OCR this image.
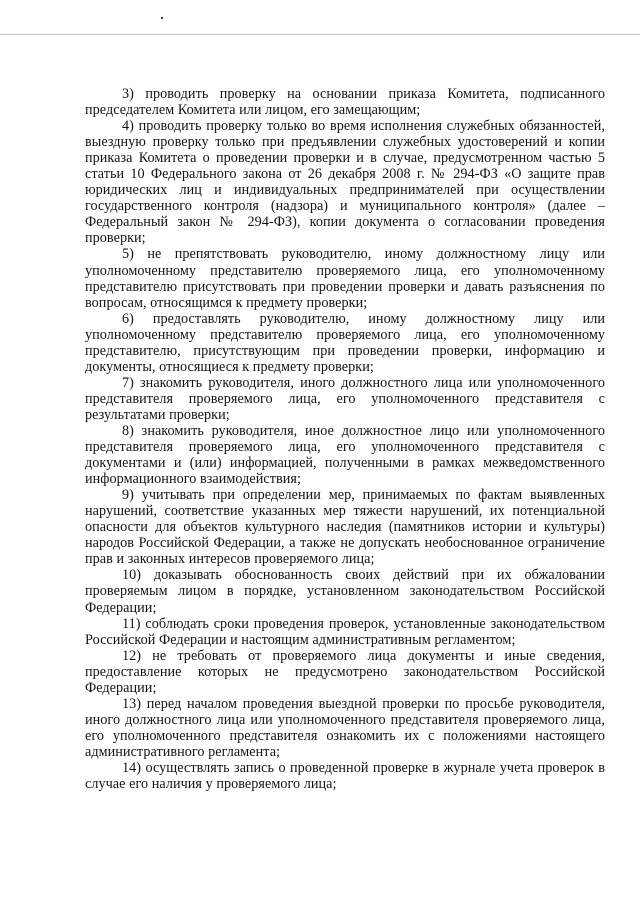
3) проводить проверку на основании приказа Комитета, подписанного председателем Комитета или лицом, его замещающим;

4) проводить проверку только во время исполнения служебных обязанностей, выездную проверку только при предъявлении служебных удостоверений и копии приказа Комитета о проведении проверки и в случае, предусмотренном частью 5 статьи 10 Федерального закона от 26 декабря 2008 г. № 294-ФЗ «О защите прав юридических лиц и индивидуальных предпринимателей при осуществлении государственного контроля (надзора) и муниципального контроля» (далее – Федеральный закон № 294-ФЗ), копии документа о согласовании проведения проверки;

5) не препятствовать руководителю, иному должностному лицу или уполномоченному представителю проверяемого лица, его уполномоченному представителю присутствовать при проведении проверки и давать разъяснения по вопросам, относящимся к предмету проверки;

6) предоставлять руководителю, иному должностному лицу или уполномоченному представителю проверяемого лица, его уполномоченному представителю, присутствующим при проведении проверки, информацию и документы, относящиеся к предмету проверки;

7) знакомить руководителя, иного должностного лица или уполномоченного представителя проверяемого лица, его уполномоченного представителя с результатами проверки;

8) знакомить руководителя, иное должностное лицо или уполномоченного представителя проверяемого лица, его уполномоченного представителя с документами и (или) информацией, полученными в рамках межведомственного информационного взаимодействия;

9) учитывать при определении мер, принимаемых по фактам выявленных нарушений, соответствие указанных мер тяжести нарушений, их потенциальной опасности для объектов культурного наследия (памятников истории и культуры) народов Российской Федерации, а также не допускать необоснованное ограничение прав и законных интересов проверяемого лица;

10) доказывать обоснованность своих действий при их обжаловании проверяемым лицом в порядке, установленном законодательством Российской Федерации;

11) соблюдать сроки проведения проверок, установленные законодательством Российской Федерации и настоящим административным регламентом;

12) не требовать от проверяемого лица документы и иные сведения, предоставление которых не предусмотрено законодательством Российской Федерации;

13) перед началом проведения выездной проверки по просьбе руководителя, иного должностного лица или уполномоченного представителя проверяемого лица, его уполномоченного представителя ознакомить их с положениями настоящего административного регламента;

14) осуществлять запись о проведенной проверке в журнале учета проверок в случае его наличия у проверяемого лица;
